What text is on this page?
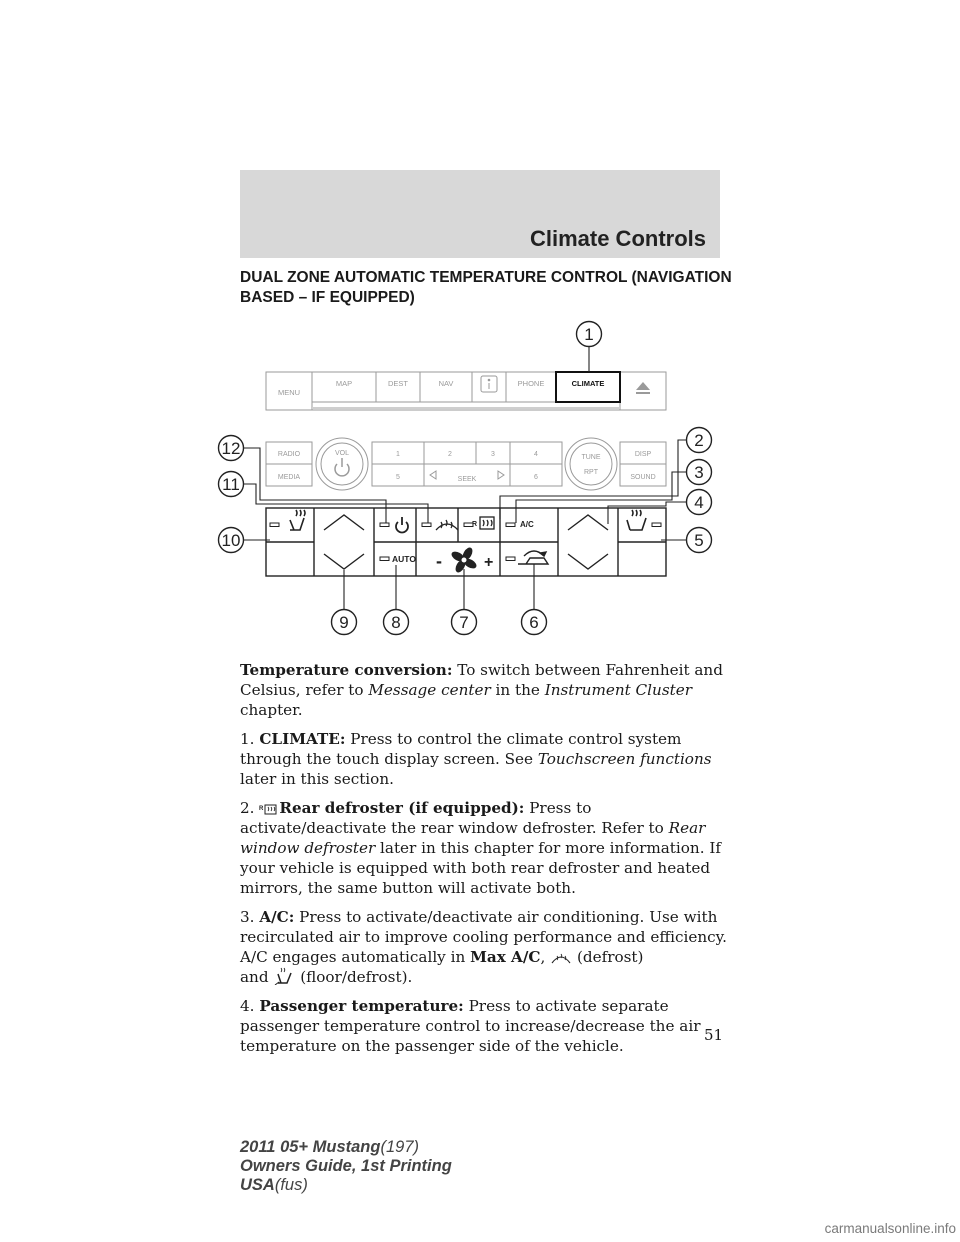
Climate Controls
DUAL ZONE AUTOMATIC TEMPERATURE CONTROL (NAVIGATION BASED – IF EQUIPPED)
MENU
MAP	DEST	NAV	PHONE	CLIMATE
RADIO
MEDIA
VOL	1	2	3	4
5	SEEK	6
TUNE
RPT
DISP
SOUND
R	A/C
AUTO -	+
1
2
3
4
5
6
7
8
9
10
11
12

Temperature conversion: To switch between Fahrenheit and Celsius, refer to Message center in the Instrument Cluster chapter.

1. CLIMATE: Press to control the climate control system through the touch display screen. See Touchscreen functions later in this section.

2. R Rear defroster (if equipped): Press to activate/deactivate the rear window defroster. Refer to Rear window defroster later in this chapter for more information. If your vehicle is equipped with both rear defroster and heated mirrors, the same button will activate both.

3. A/C: Press to activate/deactivate air conditioning. Use with recirculated air to improve cooling performance and efficiency. A/C engages automatically in Max A/C,  (defrost)
and  (floor/defrost).

4. Passenger temperature: Press to activate separate passenger temperature control to increase/decrease the air temperature on the passenger side of the vehicle.

51
2011 05+ Mustang(197)
Owners Guide, 1st Printing
USA(fus)
carmanualsonline.info
